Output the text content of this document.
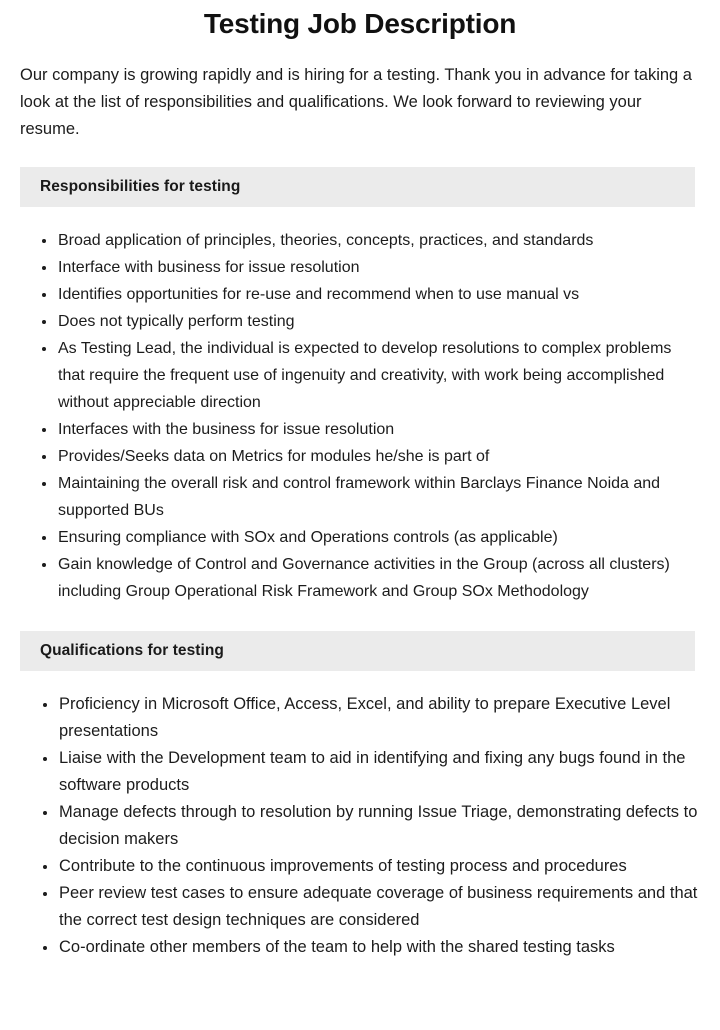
Testing Job Description

Our company is growing rapidly and is hiring for a testing. Thank you in advance for taking a look at the list of responsibilities and qualifications. We look forward to reviewing your resume.

Responsibilities for testing
Broad application of principles, theories, concepts, practices, and standards
Interface with business for issue resolution
Identifies opportunities for re-use and recommend when to use manual vs
Does not typically perform testing
As Testing Lead, the individual is expected to develop resolutions to complex problems that require the frequent use of ingenuity and creativity, with work being accomplished without appreciable direction
Interfaces with the business for issue resolution
Provides/Seeks data on Metrics for modules he/she is part of
Maintaining the overall risk and control framework within Barclays Finance Noida and supported BUs
Ensuring compliance with SOx and Operations controls (as applicable)
Gain knowledge of Control and Governance activities in the Group (across all clusters) including Group Operational Risk Framework and Group SOx Methodology
Qualifications for testing
Proficiency in Microsoft Office, Access, Excel, and ability to prepare Executive Level presentations
Liaise with the Development team to aid in identifying and fixing any bugs found in the software products
Manage defects through to resolution by running Issue Triage, demonstrating defects to decision makers
Contribute to the continuous improvements of testing process and procedures
Peer review test cases to ensure adequate coverage of business requirements and that the correct test design techniques are considered
Co-ordinate other members of the team to help with the shared testing tasks
